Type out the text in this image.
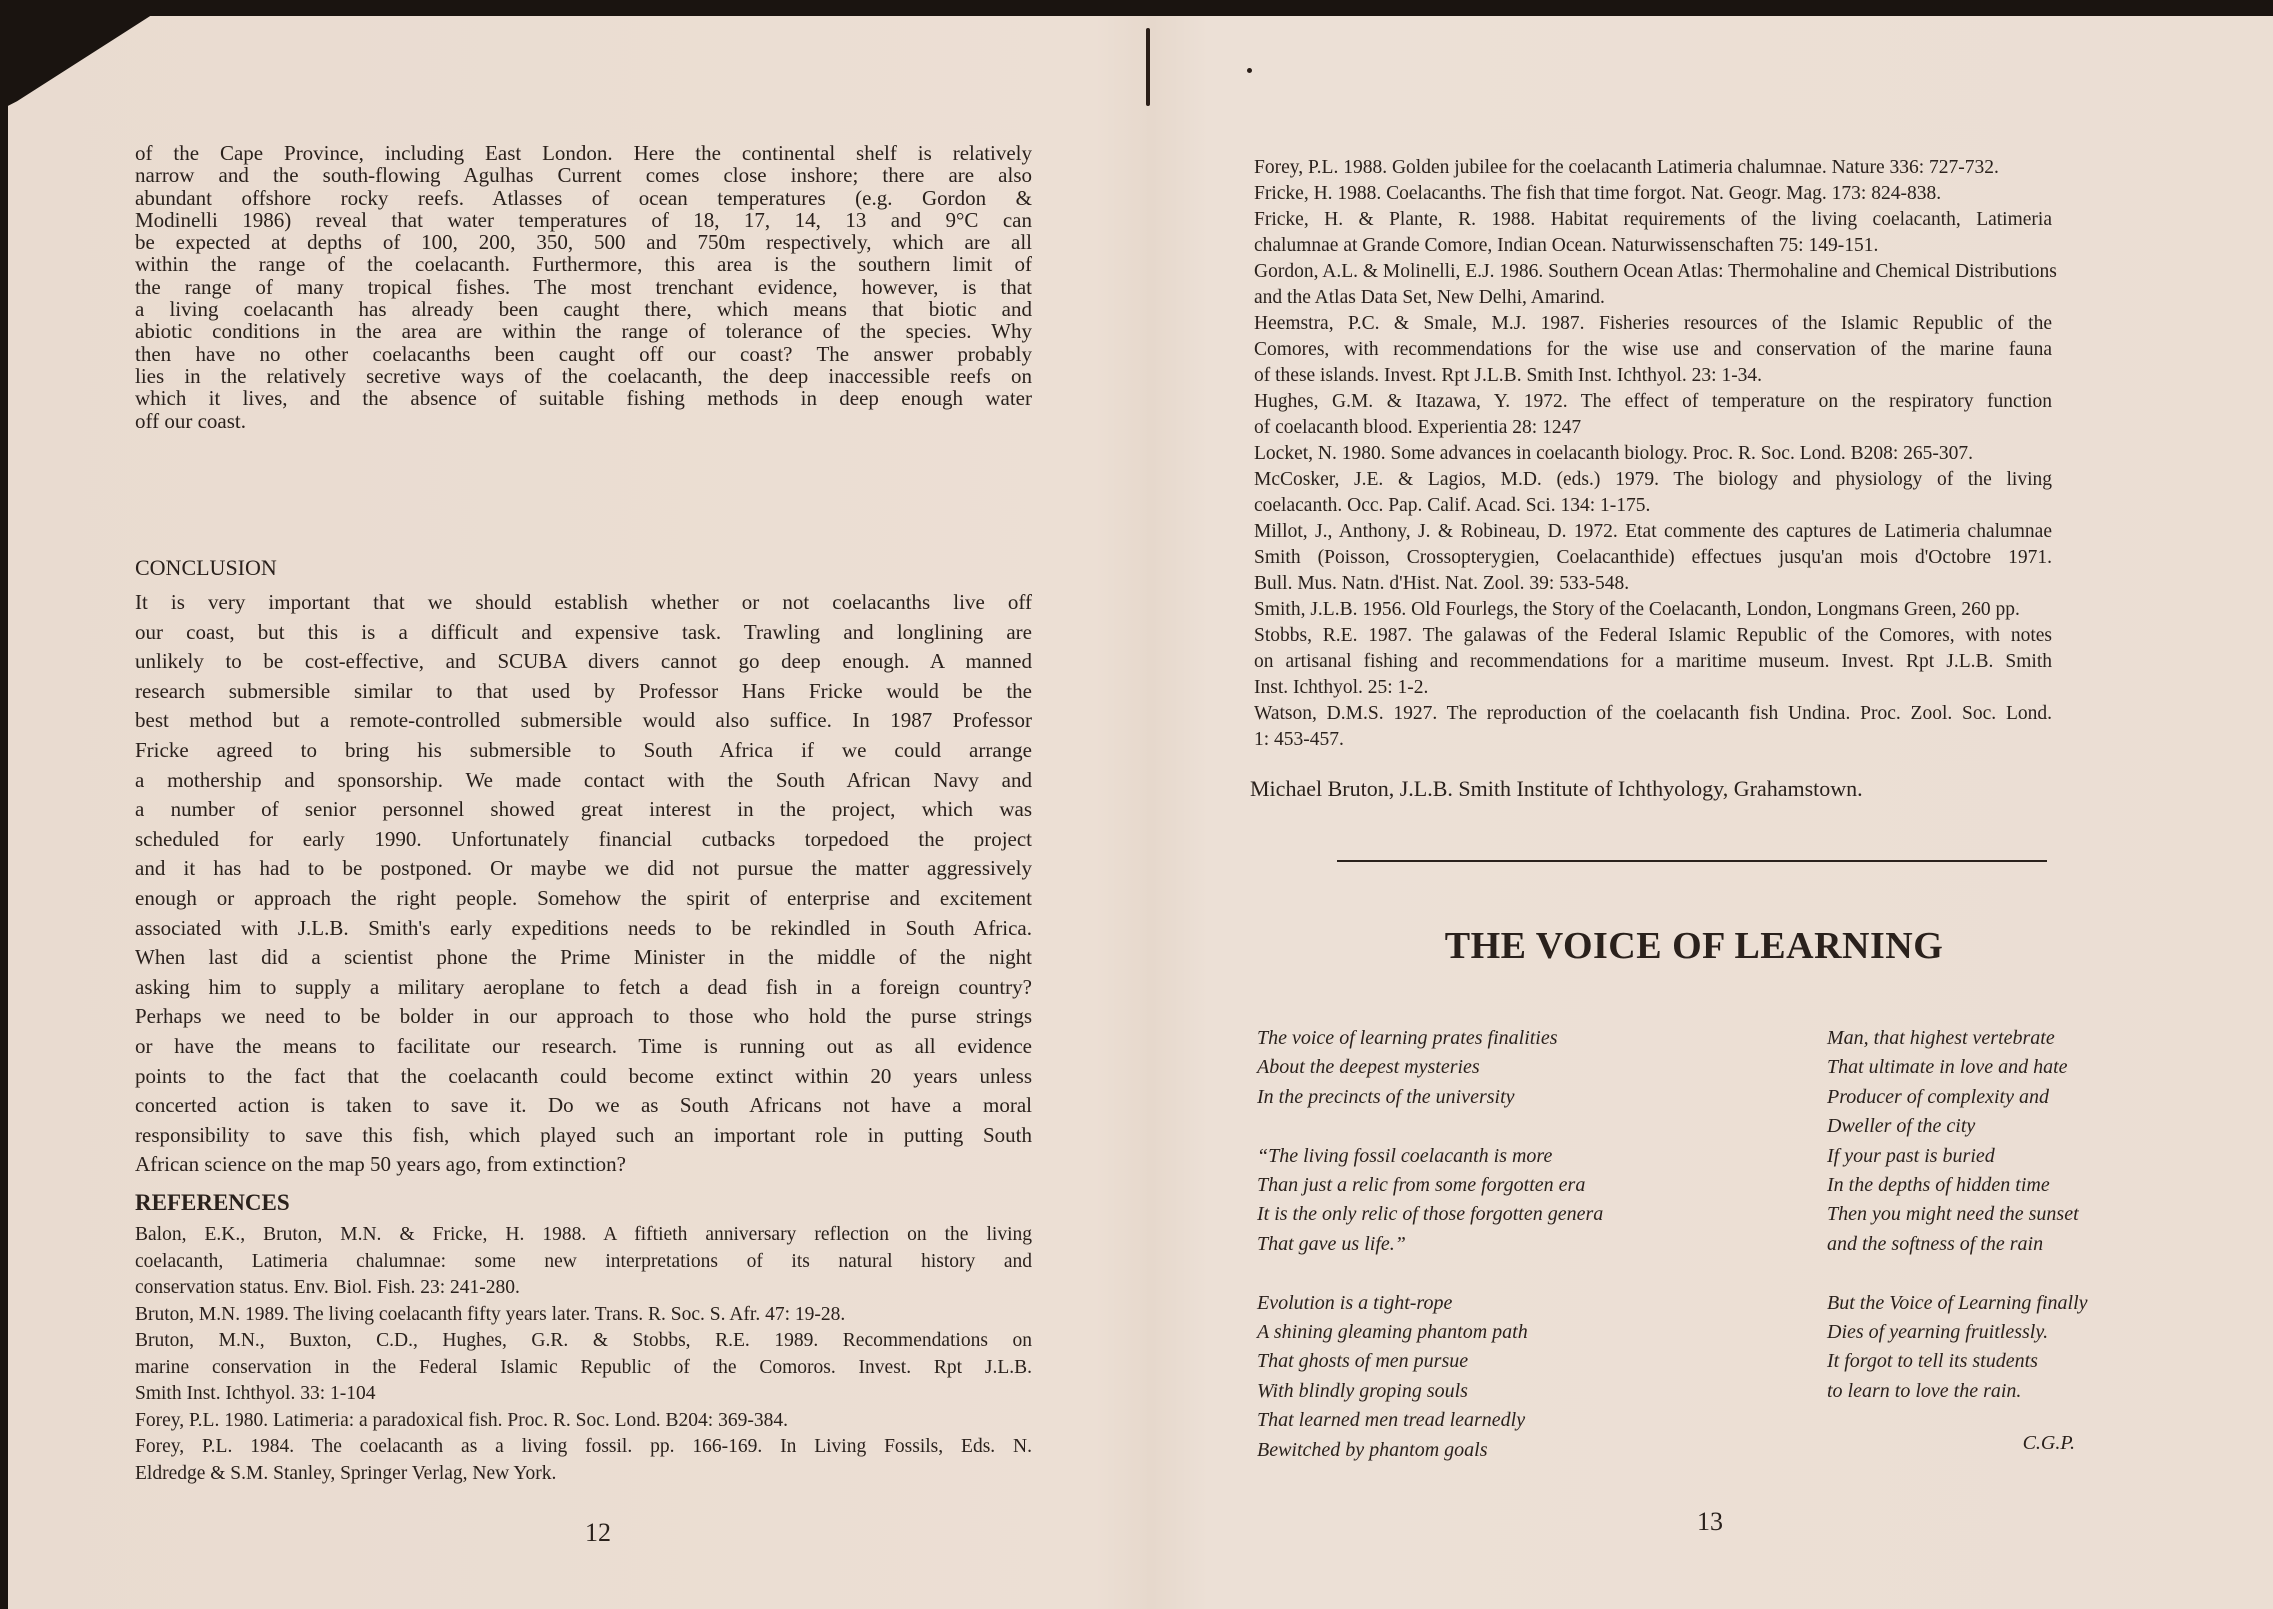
of the Cape Province, including East London. Here the continental shelf is relatively
narrow and the south-flowing Agulhas Current comes close inshore; there are also
abundant offshore rocky reefs. Atlasses of ocean temperatures (e.g. Gordon &
Modinelli 1986) reveal that water temperatures of 18, 17, 14, 13 and 9°C can
be expected at depths of 100, 200, 350, 500 and 750m respectively, which are all
within the range of the coelacanth. Furthermore, this area is the southern limit of
the range of many tropical fishes. The most trenchant evidence, however, is that
a living coelacanth has already been caught there, which means that biotic and
abiotic conditions in the area are within the range of tolerance of the species. Why
then have no other coelacanths been caught off our coast? The answer probably
lies in the relatively secretive ways of the coelacanth, the deep inaccessible reefs on
which it lives, and the absence of suitable fishing methods in deep enough water
off our coast.
CONCLUSION
It is very important that we should establish whether or not coelacanths live off
our coast, but this is a difficult and expensive task. Trawling and longlining are
unlikely to be cost-effective, and SCUBA divers cannot go deep enough. A manned
research submersible similar to that used by Professor Hans Fricke would be the
best method but a remote-controlled submersible would also suffice. In 1987 Professor
Fricke agreed to bring his submersible to South Africa if we could arrange
a mothership and sponsorship. We made contact with the South African Navy and
a number of senior personnel showed great interest in the project, which was
scheduled for early 1990. Unfortunately financial cutbacks torpedoed the project
and it has had to be postponed. Or maybe we did not pursue the matter aggressively
enough or approach the right people. Somehow the spirit of enterprise and excitement
associated with J.L.B. Smith's early expeditions needs to be rekindled in South Africa.
When last did a scientist phone the Prime Minister in the middle of the night
asking him to supply a military aeroplane to fetch a dead fish in a foreign country?
Perhaps we need to be bolder in our approach to those who hold the purse strings
or have the means to facilitate our research. Time is running out as all evidence
points to the fact that the coelacanth could become extinct within 20 years unless
concerted action is taken to save it. Do we as South Africans not have a moral
responsibility to save this fish, which played such an important role in putting South
African science on the map 50 years ago, from extinction?
REFERENCES
Balon, E.K., Bruton, M.N. & Fricke, H. 1988. A fiftieth anniversary reflection on the living
coelacanth, Latimeria chalumnae: some new interpretations of its natural history and
conservation status. Env. Biol. Fish. 23: 241-280.
Bruton, M.N. 1989. The living coelacanth fifty years later. Trans. R. Soc. S. Afr. 47: 19-28.
Bruton, M.N., Buxton, C.D., Hughes, G.R. & Stobbs, R.E. 1989. Recommendations on
marine conservation in the Federal Islamic Republic of the Comoros. Invest. Rpt J.L.B.
Smith Inst. Ichthyol. 33: 1-104
Forey, P.L. 1980. Latimeria: a paradoxical fish. Proc. R. Soc. Lond. B204: 369-384.
Forey, P.L. 1984. The coelacanth as a living fossil. pp. 166-169. In Living Fossils, Eds. N.
Eldredge & S.M. Stanley, Springer Verlag, New York.
12
Forey, P.L. 1988. Golden jubilee for the coelacanth Latimeria chalumnae. Nature 336: 727-732.
Fricke, H. 1988. Coelacanths. The fish that time forgot. Nat. Geogr. Mag. 173: 824-838.
Fricke, H. & Plante, R. 1988. Habitat requirements of the living coelacanth, Latimeria
chalumnae at Grande Comore, Indian Ocean. Naturwissenschaften 75: 149-151.
Gordon, A.L. & Molinelli, E.J. 1986. Southern Ocean Atlas: Thermohaline and Chemical Distributions
and the Atlas Data Set, New Delhi, Amarind.
Heemstra, P.C. & Smale, M.J. 1987. Fisheries resources of the Islamic Republic of the
Comores, with recommendations for the wise use and conservation of the marine fauna
of these islands. Invest. Rpt J.L.B. Smith Inst. Ichthyol. 23: 1-34.
Hughes, G.M. & Itazawa, Y. 1972. The effect of temperature on the respiratory function
of coelacanth blood. Experientia 28: 1247
Locket, N. 1980. Some advances in coelacanth biology. Proc. R. Soc. Lond. B208: 265-307.
McCosker, J.E. & Lagios, M.D. (eds.) 1979. The biology and physiology of the living
coelacanth. Occ. Pap. Calif. Acad. Sci. 134: 1-175.
Millot, J., Anthony, J. & Robineau, D. 1972. Etat commente des captures de Latimeria chalumnae
Smith (Poisson, Crossopterygien, Coelacanthide) effectues jusqu'an mois d'Octobre 1971.
Bull. Mus. Natn. d'Hist. Nat. Zool. 39: 533-548.
Smith, J.L.B. 1956. Old Fourlegs, the Story of the Coelacanth, London, Longmans Green, 260 pp.
Stobbs, R.E. 1987. The galawas of the Federal Islamic Republic of the Comores, with notes
on artisanal fishing and recommendations for a maritime museum. Invest. Rpt J.L.B. Smith
Inst. Ichthyol. 25: 1-2.
Watson, D.M.S. 1927. The reproduction of the coelacanth fish Undina. Proc. Zool. Soc. Lond.
1: 453-457.
Michael Bruton, J.L.B. Smith Institute of Ichthyology, Grahamstown.
THE VOICE OF LEARNING
The voice of learning prates finalities
About the deepest mysteries
In the precincts of the university
“The living fossil coelacanth is more
Than just a relic from some forgotten era
It is the only relic of those forgotten genera
That gave us life.”
Evolution is a tight-rope
A shining gleaming phantom path
That ghosts of men pursue
With blindly groping souls
That learned men tread learnedly
Bewitched by phantom goals
Man, that highest vertebrate
That ultimate in love and hate
Producer of complexity and
Dweller of the city
If your past is buried
In the depths of hidden time
Then you might need the sunset
and the softness of the rain
But the Voice of Learning finally
Dies of yearning fruitlessly.
It forgot to tell its students
to learn to love the rain.
C.G.P.
13
